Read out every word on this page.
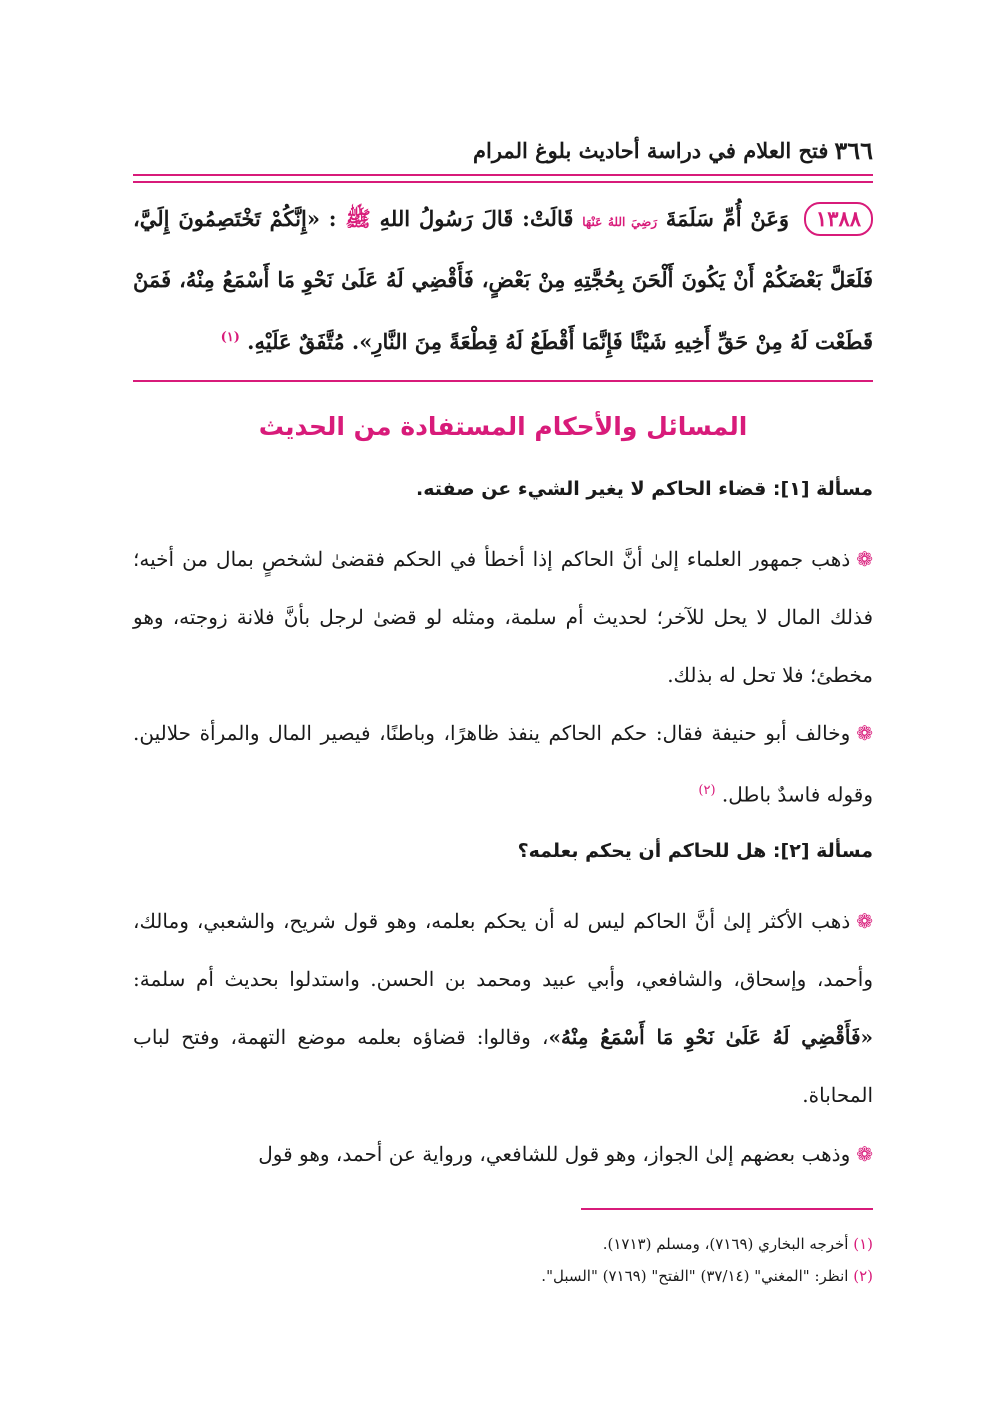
٣٦٦
فتح العلام في دراسة أحاديث بلوغ المرام
١٣٨٨ وَعَنْ أُمِّ سَلَمَةَ رَضِيَ اللهُ عَنْهَا قَالَتْ: قَالَ رَسُولُ اللهِ ﷺ : «إِنَّكُمْ تَخْتَصِمُونَ إِلَيَّ، فَلَعَلَّ بَعْضَكُمْ أَنْ يَكُونَ أَلْحَنَ بِحُجَّتِهِ مِنْ بَعْضٍ، فَأَقْضِي لَهُ عَلَىٰ نَحْوِ مَا أَسْمَعُ مِنْهُ، فَمَنْ قَطَعْت لَهُ مِنْ حَقِّ أَخِيهِ شَيْئًا فَإِنَّمَا أَقْطَعُ لَهُ قِطْعَةً مِنَ النَّارِ». مُتَّفَقٌ عَلَيْهِ. $^{(١)}$
المسائل والأحكام المستفادة من الحديث
مسألة [١]: قضاء الحاكم لا يغير الشيء عن صفته.
❁ذهب جمهور العلماء إلىٰ أنَّ الحاكم إذا أخطأ في الحكم فقضىٰ لشخصٍ بمال من أخيه؛ فذلك المال لا يحل للآخر؛ لحديث أم سلمة، ومثله لو قضىٰ لرجل بأنَّ فلانة زوجته، وهو مخطئ؛ فلا تحل له بذلك.
❁وخالف أبو حنيفة فقال: حكم الحاكم ينفذ ظاهرًا، وباطنًا، فيصير المال والمرأة حلالين. وقوله فاسدٌ باطل. $^{(٢)}$
مسألة [٢]: هل للحاكم أن يحكم بعلمه؟
❁ذهب الأكثر إلىٰ أنَّ الحاكم ليس له أن يحكم بعلمه، وهو قول شريح، والشعبي، ومالك، وأحمد، وإسحاق، والشافعي، وأبي عبيد ومحمد بن الحسن. واستدلوا بحديث أم سلمة: «فَأَقْضِي لَهُ عَلَىٰ نَحْوِ مَا أَسْمَعُ مِنْهُ»، وقالوا: قضاؤه بعلمه موضع التهمة، وفتح لباب المحاباة.
❁وذهب بعضهم إلىٰ الجواز، وهو قول للشافعي، ورواية عن أحمد، وهو قول
(١) أخرجه البخاري (٧١٦٩)، ومسلم (١٧١٣).
(٢) انظر: "المغني" (٣٧/١٤) "الفتح" (٧١٦٩) "السبل".
